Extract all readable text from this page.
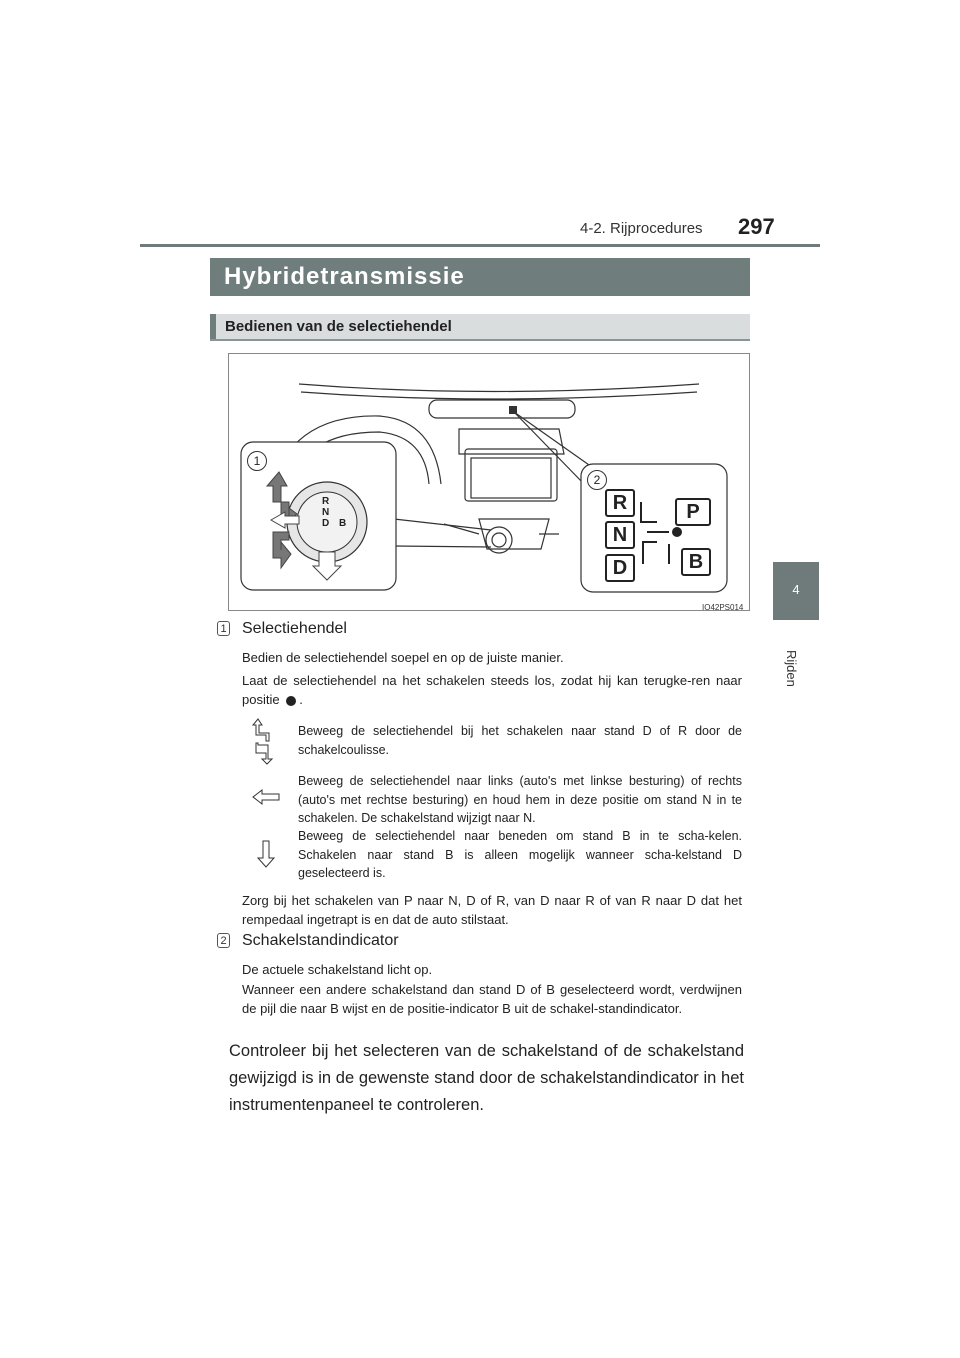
4-2. Rijprocedures 297
4
Rijden
Hybridetransmissie
Bedienen van de selectiehendel
1
2
R
N
D B
R
N
D
P
B
IO42PS014
1 Selectiehendel
Bedien de selectiehendel soepel en op de juiste manier.
Laat de selectiehendel na het schakelen steeds los, zodat hij kan terugke-ren naar positie .
Beweeg de selectiehendel bij het schakelen naar stand D of R door de schakelcoulisse.
Beweeg de selectiehendel naar links (auto's met linkse besturing) of rechts (auto's met rechtse besturing) en houd hem in deze positie om stand N in te schakelen. De schakelstand wijzigt naar N.
Beweeg de selectiehendel naar beneden om stand B in te scha-kelen. Schakelen naar stand B is alleen mogelijk wanneer scha-kelstand D geselecteerd is.
Zorg bij het schakelen van P naar N, D of R, van D naar R of van R naar D dat het rempedaal ingetrapt is en dat de auto stilstaat.
2 Schakelstandindicator
De actuele schakelstand licht op.
Wanneer een andere schakelstand dan stand D of B geselecteerd wordt, verdwijnen de pijl die naar B wijst en de positie-indicator B uit de schakel-standindicator.
Controleer bij het selecteren van de schakelstand of de schakelstand gewijzigd is in de gewenste stand door de schakelstandindicator in het instrumentenpaneel te controleren.
